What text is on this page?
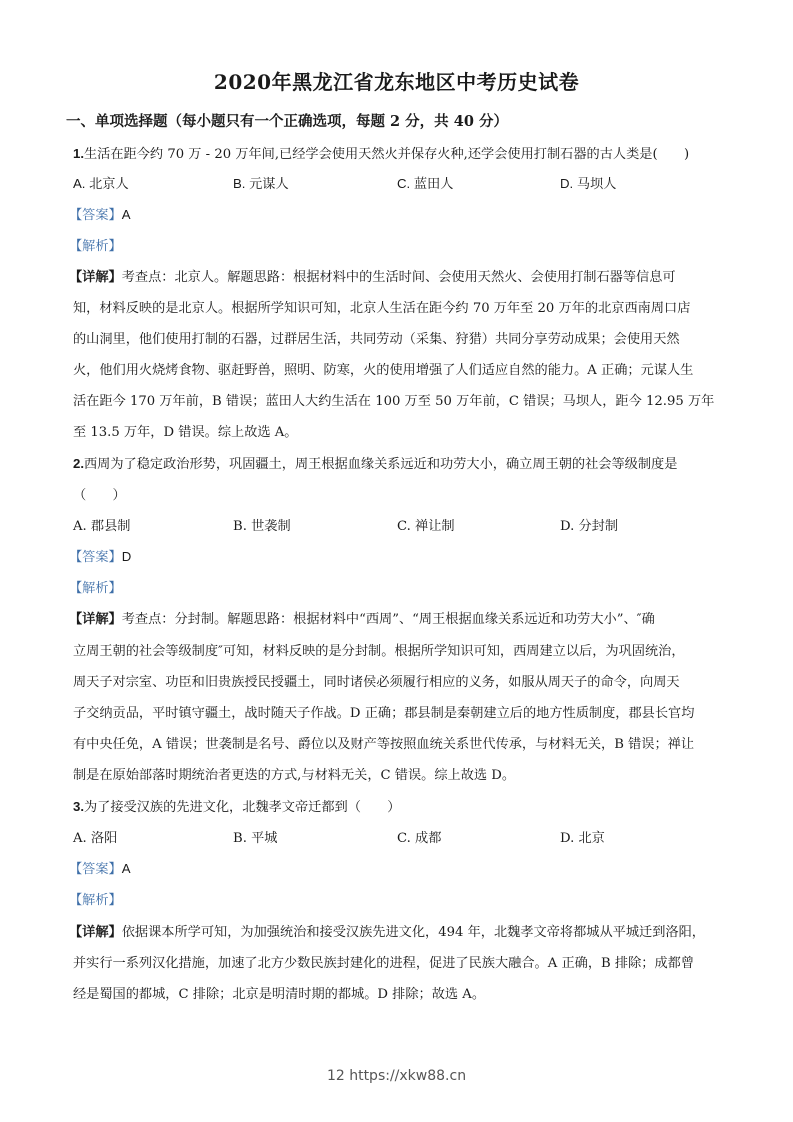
2020年黑龙江省龙东地区中考历史试卷
一、单项选择题（每小题只有一个正确选项，每题 2 分，共 40 分）
1.生活在距今约 70 万 - 20 万年间,已经学会使用天然火并保存火种,还学会使用打制石器的古人类是(　　)
A. 北京人	B. 元谋人	C. 蓝田人	D. 马坝人
【答案】A
【解析】
【详解】考查点：北京人。解题思路：根据材料中的生活时间、会使用天然火、会使用打制石器等信息可
知，材料反映的是北京人。根据所学知识可知，北京人生活在距今约 70 万年至 20 万年的北京西南周口店
的山洞里，他们使用打制的石器，过群居生活，共同劳动（采集、狩猎）共同分享劳动成果；会使用天然
火，他们用火烧烤食物、驱赶野兽，照明、防寒，火的使用增强了人们适应自然的能力。A 正确；元谋人生
活在距今 170 万年前，B 错误；蓝田人大约生活在 100 万至 50 万年前，C 错误；马坝人，距今 12.95 万年
至 13.5 万年，D 错误。综上故选 A。
2.西周为了稳定政治形势，巩固疆土，周王根据血缘关系远近和功劳大小，确立周王朝的社会等级制度是
（　　）
A. 郡县制	B. 世袭制	C. 禅让制	D. 分封制
【答案】D
【解析】
【详解】考查点：分封制。解题思路：根据材料中“西周”、“周王根据血缘关系远近和功劳大小”、″确
立周王朝的社会等级制度″可知，材料反映的是分封制。根据所学知识可知，西周建立以后，为巩固统治，
周天子对宗室、功臣和旧贵族授民授疆土，同时诸侯必须履行相应的义务，如服从周天子的命令，向周天
子交纳贡品，平时镇守疆土，战时随天子作战。D 正确；郡县制是秦朝建立后的地方性质制度，郡县长官均
有中央任免，A 错误；世袭制是名号、爵位以及财产等按照血统关系世代传承，与材料无关，B 错误；禅让
制是在原始部落时期统治者更迭的方式,与材料无关，C 错误。综上故选 D。
3.为了接受汉族的先进文化，北魏孝文帝迁都到（　　）
A. 洛阳	B. 平城	C. 成都	D. 北京
【答案】A
【解析】
【详解】依据课本所学可知，为加强统治和接受汉族先进文化，494 年，北魏孝文帝将都城从平城迁到洛阳，
并实行一系列汉化措施，加速了北方少数民族封建化的进程，促进了民族大融合。A 正确，B 排除；成都曾
经是蜀国的都城，C 排除；北京是明清时期的都城。D 排除；故选 A。
12 https://xkw88.cn
